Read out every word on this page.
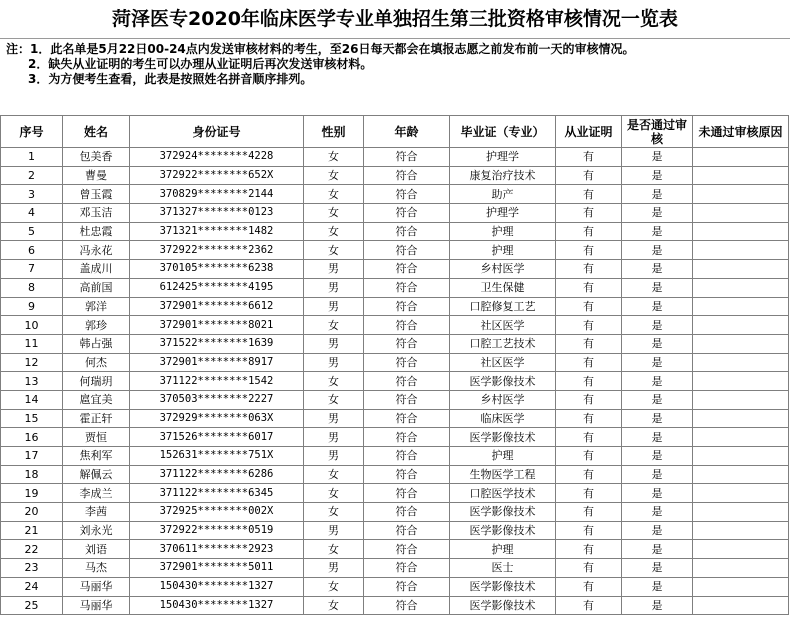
菏泽医专2020年临床医学专业单独招生第三批资格审核情况一览表
注：1．此名单是5月22日00-24点内发送审核材料的考生，至26日每天都会在填报志愿之前发布前一天的审核情况。
2．缺失从业证明的考生可以办理从业证明后再次发送审核材料。
3．为方便考生查看，此表是按照姓名拼音顺序排列。
序号	姓名	身份证号	性别	年龄	毕业证（专业）	从业证明	是否通过审核	未通过审核原因
1	包美香	372924********4228	女	符合	护理学	有	是	
2	曹曼	372922********652X	女	符合	康复治疗技术	有	是	
3	曾玉霞	370829********2144	女	符合	助产	有	是	
4	邓玉洁	371327********0123	女	符合	护理学	有	是	
5	杜忠霞	371321********1482	女	符合	护理	有	是	
6	冯永花	372922********2362	女	符合	护理	有	是	
7	盖成川	370105********6238	男	符合	乡村医学	有	是	
8	高前国	612425********4195	男	符合	卫生保健	有	是	
9	郭洋	372901********6612	男	符合	口腔修复工艺	有	是	
10	郭珍	372901********8021	女	符合	社区医学	有	是	
11	韩占强	371522********1639	男	符合	口腔工艺技术	有	是	
12	何杰	372901********8917	男	符合	社区医学	有	是	
13	何瑞玥	371122********1542	女	符合	医学影像技术	有	是	
14	扈宜美	370503********2227	女	符合	乡村医学	有	是	
15	霍正轩	372929********063X	男	符合	临床医学	有	是	
16	贾恒	371526********6017	男	符合	医学影像技术	有	是	
17	焦利军	152631********751X	男	符合	护理	有	是	
18	解佩云	371122********6286	女	符合	生物医学工程	有	是	
19	李成兰	371122********6345	女	符合	口腔医学技术	有	是	
20	李茜	372925********002X	女	符合	医学影像技术	有	是	
21	刘永光	372922********0519	男	符合	医学影像技术	有	是	
22	刘语	370611********2923	女	符合	护理	有	是	
23	马杰	372901********5011	男	符合	医士	有	是	
24	马丽华	150430********1327	女	符合	医学影像技术	有	是	
25	马丽华	150430********1327	女	符合	医学影像技术	有	是	
